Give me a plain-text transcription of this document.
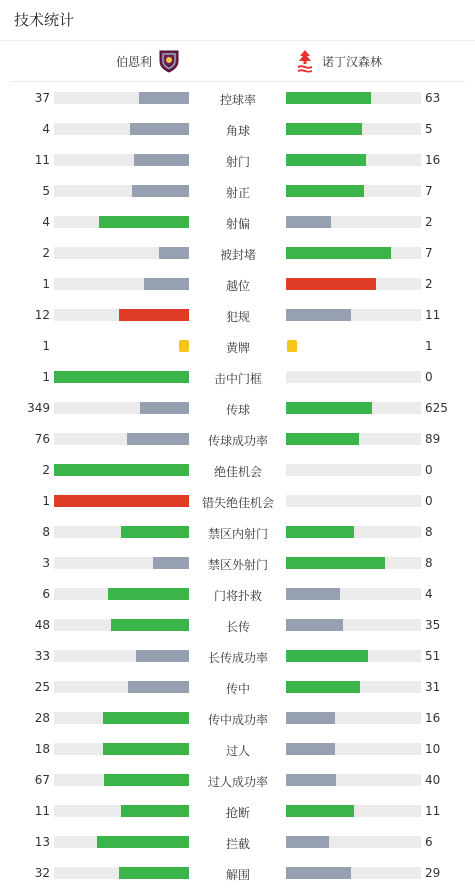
技术统计
伯恩利	诺丁汉森林
37	控球率	63
4	角球	5
11	射门	16
5	射正	7
4	射偏	2
2	被封堵	7
1	越位	2
12	犯规	11
1	黄牌	1
1	击中门框	0
349	传球	625
76	传球成功率	89
2	绝佳机会	0
1	错失绝佳机会	0
8	禁区内射门	8
3	禁区外射门	8
6	门将扑救	4
48	长传	35
33	长传成功率	51
25	传中	31
28	传中成功率	16
18	过人	10
67	过人成功率	40
11	抢断	11
13	拦截	6
32	解围	29
